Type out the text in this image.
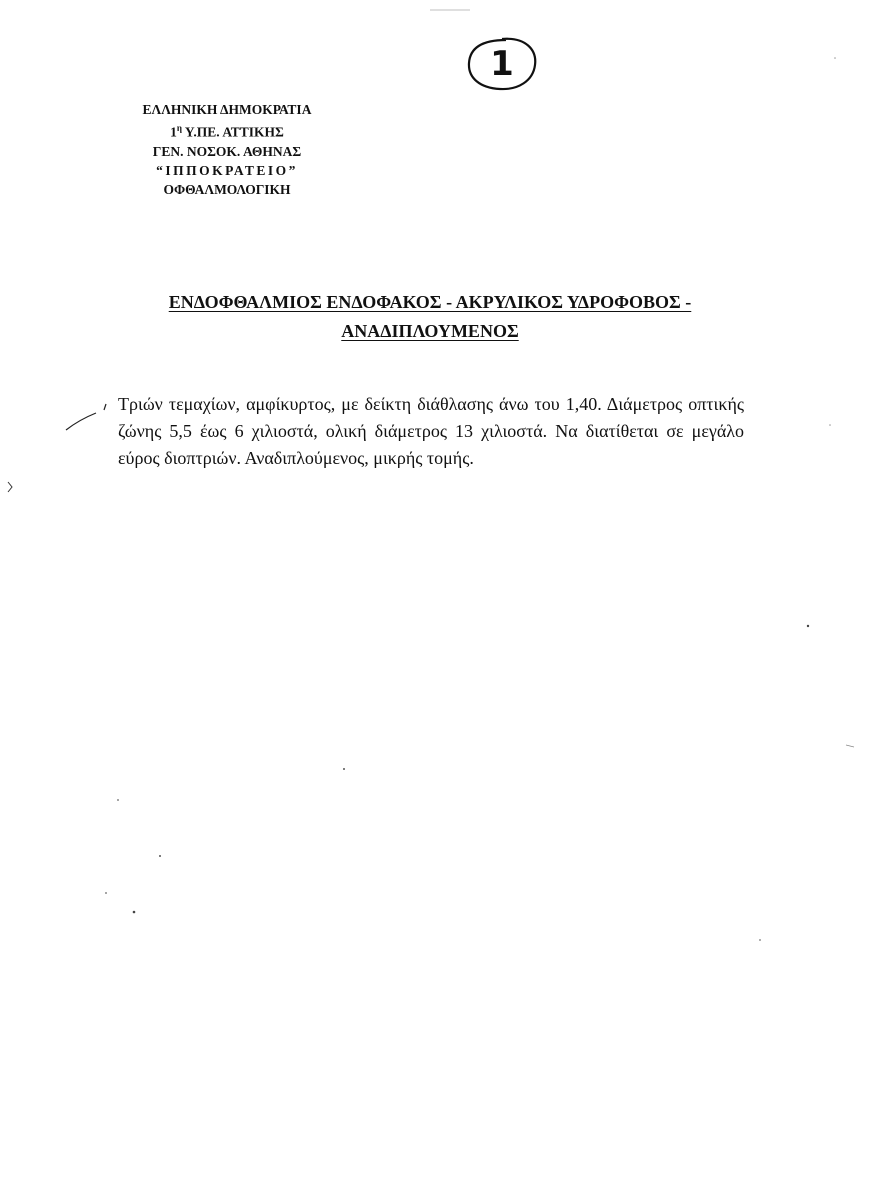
1
ΕΛΛΗΝΙΚΗ ΔΗΜΟΚΡΑΤΙΑ
$1^\eta$ Υ.ΠΕ. ΑΤΤΙΚΗΣ
ΓΕΝ. ΝΟΣΟΚ. ΑΘΗΝΑΣ
“ΙΠΠΟΚΡΑΤΕΙΟ”
ΟΦΘΑΛΜΟΛΟΓΙΚΗ
ΕΝΔΟΦΘΑΛΜΙΟΣ ΕΝΔΟΦΑΚΟΣ - ΑΚΡΥΛΙΚΟΣ ΥΔΡΟΦΟΒΟΣ -
ΑΝΑΔΙΠΛΟΥΜΕΝΟΣ
Τριών τεμαχίων, αμφίκυρτος, με δείκτη διάθλασης άνω του 1,40. Διάμετρος οπτικής ζώνης 5,5 έως 6 χιλιοστά, ολική διάμετρος 13 χιλιοστά. Να διατίθεται σε μεγάλο εύρος διοπτριών. Αναδιπλούμενος, μικρής τομής.
